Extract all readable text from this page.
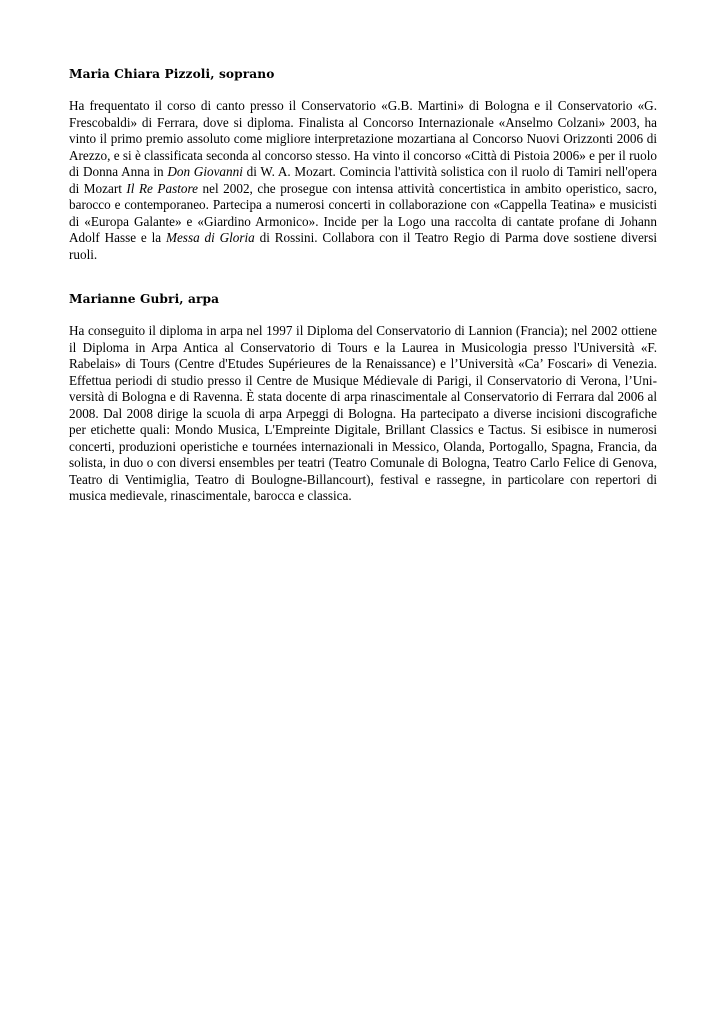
Maria Chiara Pizzoli, soprano

Ha frequentato il corso di canto presso il Conservatorio «G.B. Martini» di Bologna e il Conservatorio «G. Frescobaldi» di Ferrara, dove si diploma. Finalista al Concorso Internazionale «Anselmo Colzani» 2003, ha vinto il primo premio assoluto come migliore interpretazione mozartiana al Concorso Nuovi Orizzonti 2006 di Arezzo, e si è classificata seconda al concorso stesso. Ha vinto il concorso «Città di Pistoia 2006» e per il ruolo di Donna Anna in Don Giovanni di W. A. Mozart. Comincia l'attività solistica con il ruolo di Tamiri nell'opera di Mozart Il Re Pastore nel 2002, che prosegue con intensa attività concertistica in ambito operistico, sacro, barocco e contemporaneo. Partecipa a numerosi concerti in collaborazione con «Cappella Teatina» e musicisti di «Europa Galante» e «Giardino Armonico». Incide per la Logo una raccolta di cantate profane di Johann Adolf Hasse e la Messa di Gloria di Rossini. Collabora con il Teatro Regio di Parma dove sostiene diversi ruoli.

Marianne Gubri, arpa

Ha conseguito il diploma in arpa nel 1997 il Diploma del Conservatorio di Lannion (Francia); nel 2002 ottiene il Diploma in Arpa Antica al Conservatorio di Tours e la Laurea in Musicologia presso l'Università «F. Rabelais» di Tours (Centre d'Etudes Supérieures de la Renaissance) e l’Università «Ca’ Foscari» di Venezia. Effettua periodi di studio presso il Centre de Musique Médievale di Parigi, il Conservatorio di Verona, l’Università di Bologna e di Ravenna. È stata docente di arpa rinascimentale al Conservatorio di Ferrara dal 2006 al 2008. Dal 2008 dirige la scuola di arpa Arpeggi di Bologna. Ha partecipato a diverse incisioni discografiche per etichette quali: Mondo Musica, L'Empreinte Digitale, Brillant Classics e Tactus. Si esibisce in numerosi concerti, produzioni operistiche e tournées internazionali in Messico, Olanda, Portogallo, Spagna, Francia, da solista, in duo o con diversi ensembles per teatri (Teatro Comunale di Bologna, Teatro Carlo Felice di Genova, Teatro di Ventimiglia, Teatro di Boulogne-Billancourt), festival e rassegne, in particolare con repertori di musica medievale, rinascimentale, barocca e classica.
